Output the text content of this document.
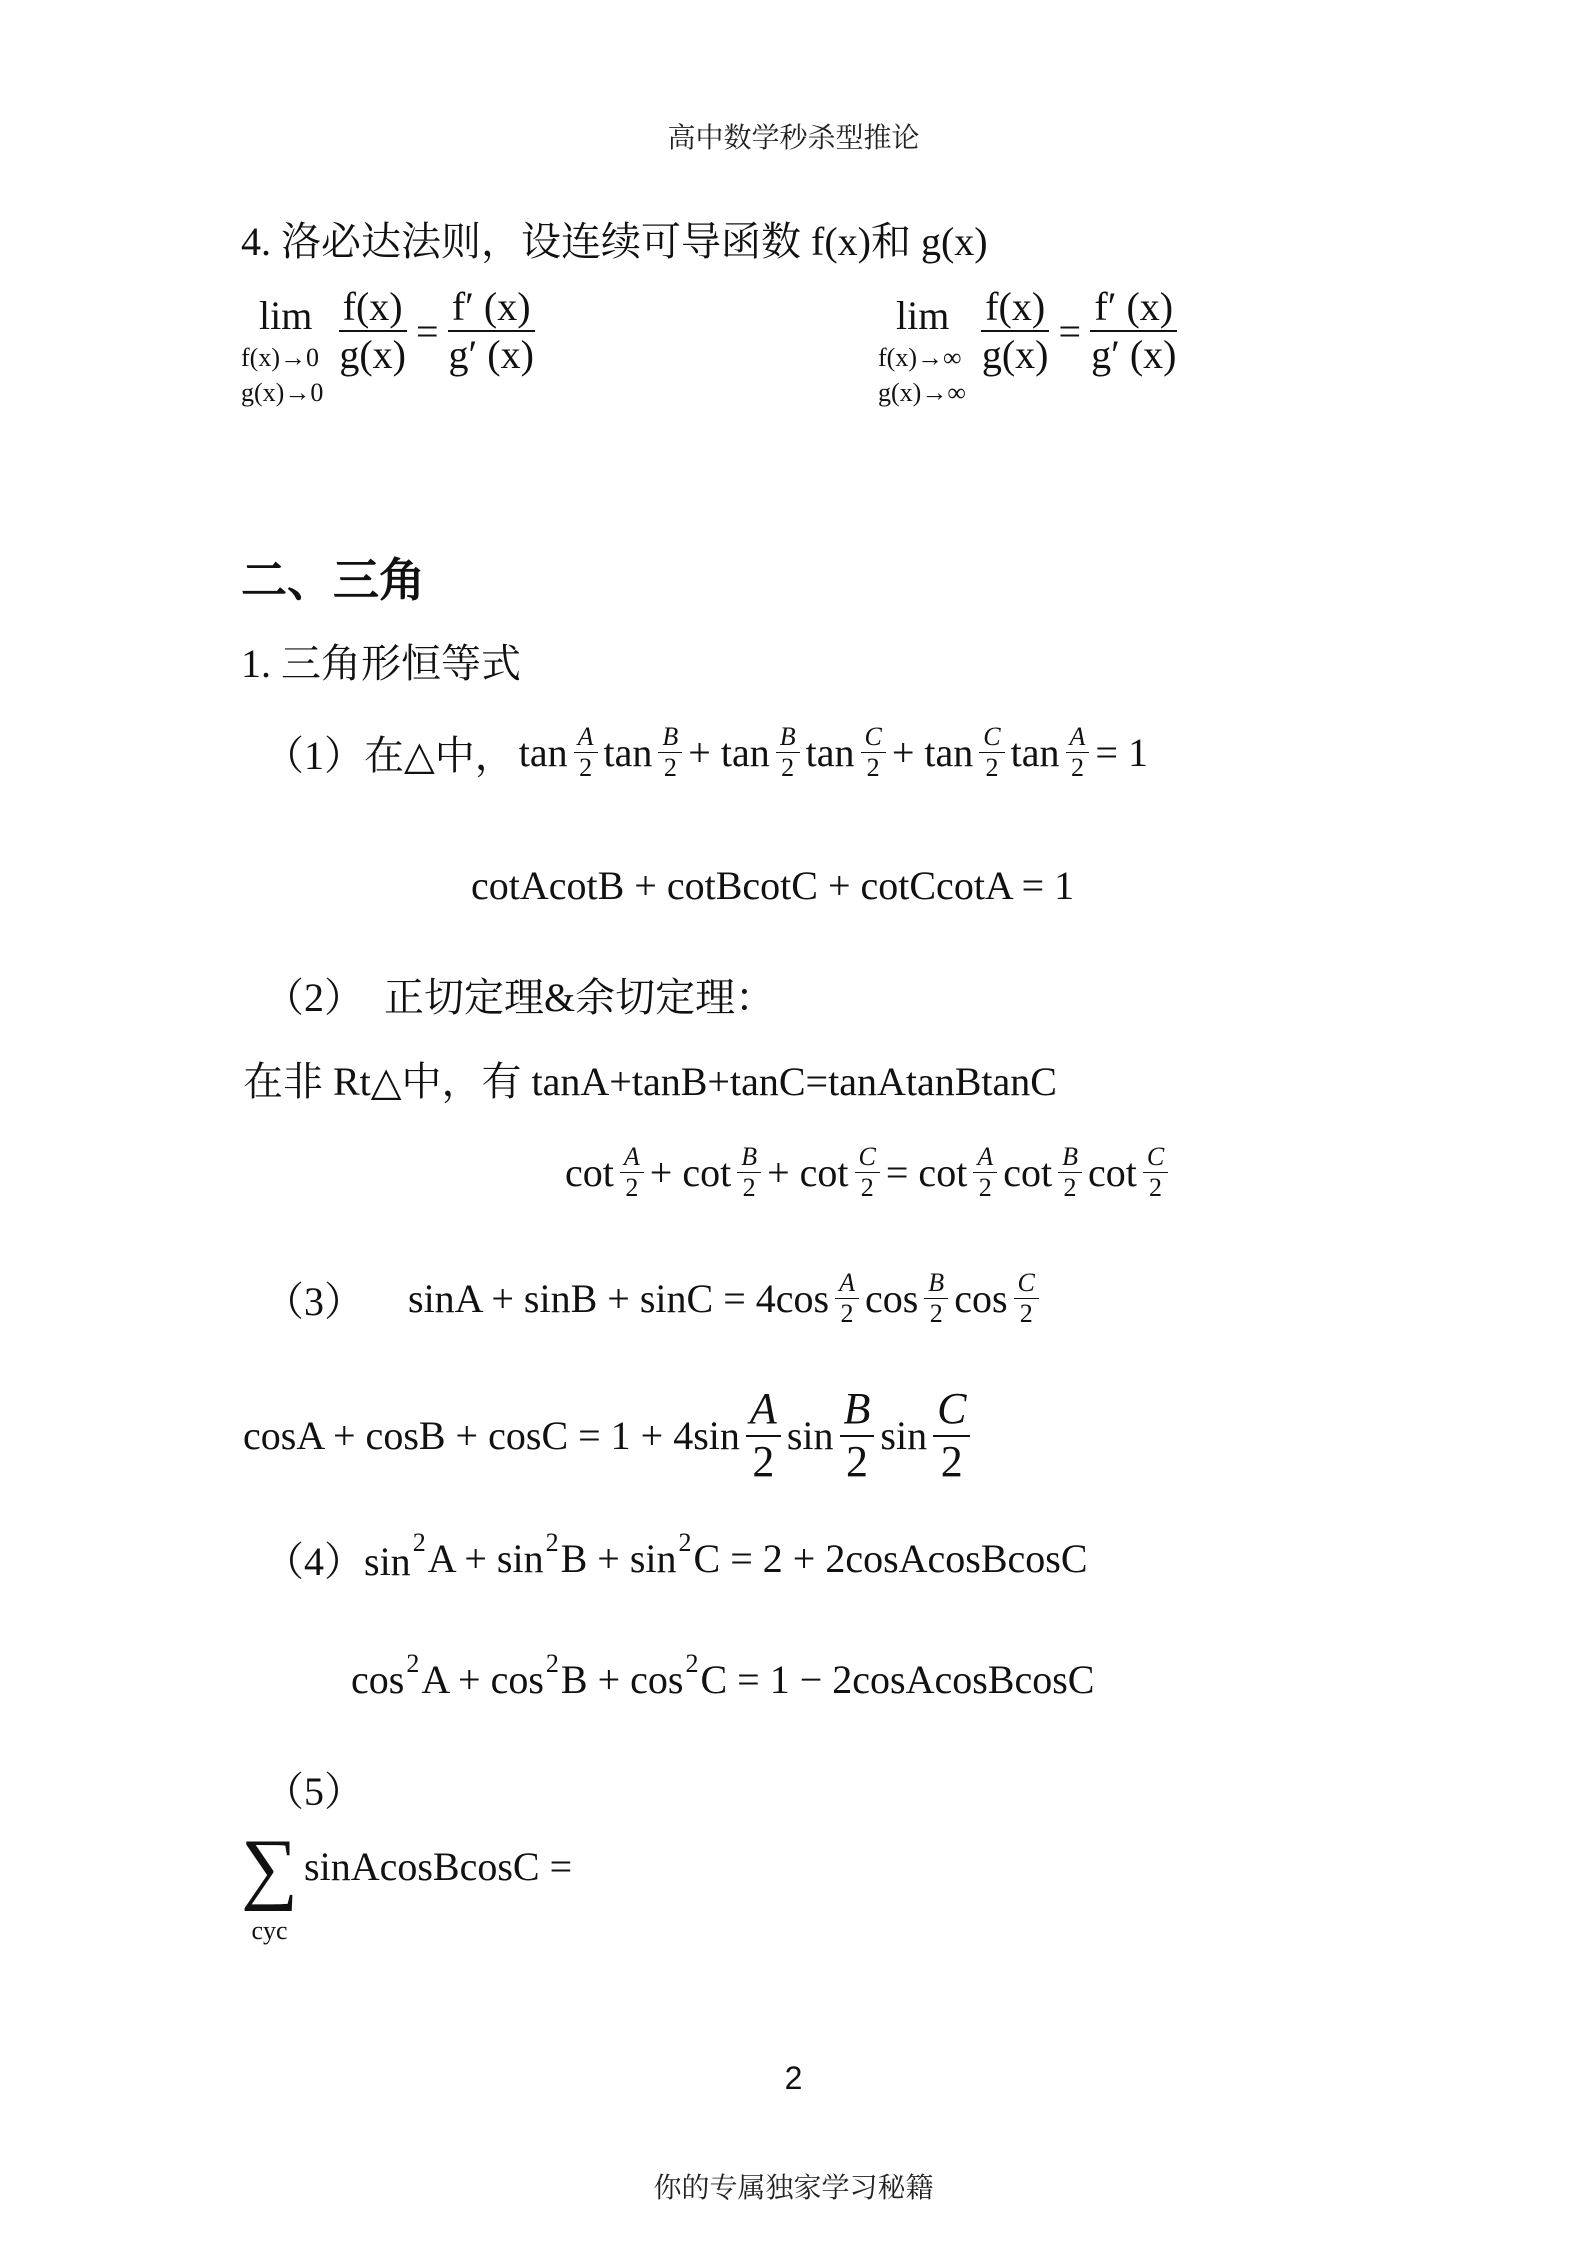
高中数学秒杀型推论
4. 洛必达法则，设连续可导函数 f(x)和 g(x)
lim
f(x)→0
g(x)→0
$\frac{f(x)}{g(x)} = \frac{f' (x)}{g' (x)}$	lim
f(x)→∞
g(x)→∞
$\frac{f(x)}{g(x)} = \frac{f' (x)}{g' (x)}$
二、三角
1. 三角形恒等式
（1）在△中， $\tan \frac{A}{2}$ $\tan \frac{B}{2} + \tan \frac{B}{2}$ $\tan \frac{C}{2} + \tan \frac{C}{2}$ $\tan \frac{A}{2} = 1$
cotAcotB + cotBcotC + cotCcotA = 1
（2）  正切定理&余切定理：
在非 Rt△中，有 tanA+tanB+tanC=tanAtanBtanC
$\cot \frac{A}{2} + \cot \frac{B}{2} + \cot \frac{C}{2} = \cot \frac{A}{2}$ $\cot \frac{B}{2}$ $\cot \frac{C}{2}$
（3） $\sin A + \sin B + \sin C = 4\cos \frac{A}{2}$ $\cos \frac{B}{2}$ $\cos \frac{C}{2}$
$\cos A + \cos B + \cos C = 1 + 4\sin \frac{A}{2}$ $\sin \frac{B}{2}$ $\sin \frac{C}{2}$
（4）sin 2 A + sin 2 B + sin 2 C = 2 + 2cosAcosBcosC
cos 2 A + cos 2 B + cos 2 C = 1 − 2cosAcosBcosC
（5）
∑
cyc
sinAcosBcosC =
2
你的专属独家学习秘籍
